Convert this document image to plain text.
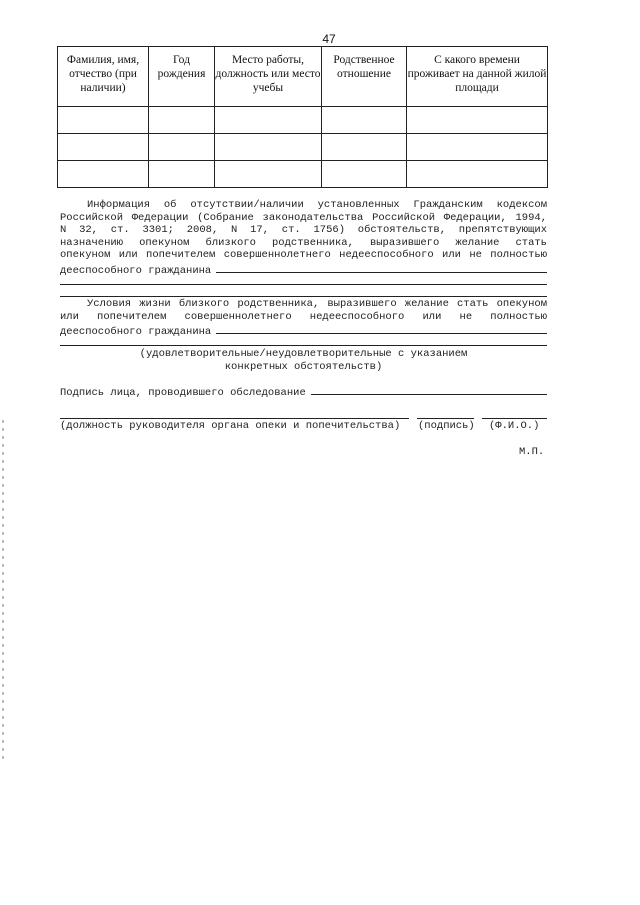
47
Фамилия, имя, отчество (при наличии)	Год рождения	Место работы, должность или место учебы	Родственное отношение	С какого времени проживает на данной жилой площади

Информация об отсутствии/наличии установленных Гражданским кодексом
Российской Федерации (Собрание законодательства Российской Федерации, 1994,
N 32, ст. 3301; 2008, N 17, ст. 1756) обстоятельств, препятствующих
назначению опекуном близкого родственника, выразившего желание стать
опекуном или попечителем совершеннолетнего недееспособного или не полностью
дееспособного гражданина
Условия жизни близкого родственника, выразившего желание стать опекуном
или попечителем совершеннолетнего недееспособного или не полностью
дееспособного гражданина
(удовлетворительные/неудовлетворительные с указанием
конкретных обстоятельств)
Подпись лица, проводившего обследование
(должность руководителя органа опеки и попечительства) (подпись) (Ф.И.О.)
М.П.
